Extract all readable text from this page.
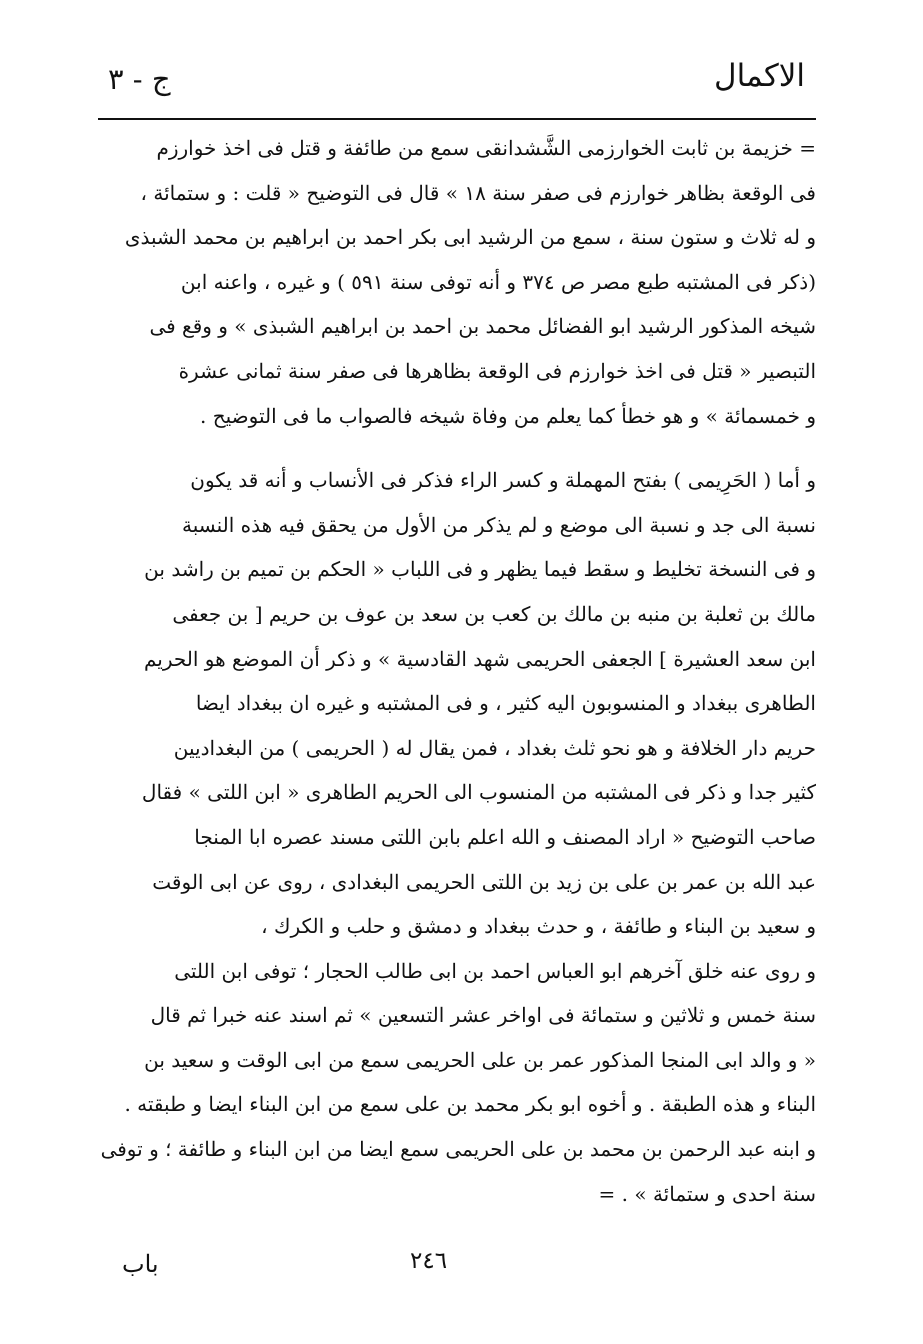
الاكمال
ج - ٣
= خزيمة بن ثابت الخوارزمى الشَّشدانقى سمع من طائفة و قتل فى اخذ خوارزم
فى الوقعة بظاهر خوارزم فى صفر سنة ١٨ » قال فى التوضيح « قلت : و ستمائة ،
و له ثلاث و ستون سنة ، سمع من الرشيد ابى بكر احمد بن ابراهيم بن محمد الشبذى
(ذكر فى المشتبه طبع مصر ص ٣٧٤ و أنه توفى سنة ٥٩١ ) و غيره ، واعنه ابن
شيخه المذكور الرشيد ابو الفضائل محمد بن احمد بن ابراهيم الشبذى » و وقع فى
التبصير « قتل فى اخذ خوارزم فى الوقعة بظاهرها فى صفر سنة ثمانى عشرة
و خمسمائة » و هو خطأ كما يعلم من وفاة شيخه فالصواب ما فى التوضيح .
و أما ( الحَرِيمى ) بفتح المهملة و كسر الراء فذكر فى الأنساب و أنه قد يكون
نسبة الى جد و نسبة الى موضع و لم يذكر من الأول من يحقق فيه هذه النسبة
و فى النسخة تخليط و سقط فيما يظهر و فى اللباب « الحكم بن تميم بن راشد بن
مالك بن ثعلبة بن منبه بن مالك بن كعب بن سعد بن عوف بن حريم [ بن جعفى
ابن سعد العشيرة ] الجعفى الحريمى شهد القادسية » و ذكر أن الموضع هو الحريم
الطاهرى ببغداد و المنسوبون اليه كثير ، و فى المشتبه و غيره ان ببغداد ايضا
حريم دار الخلافة و هو نحو ثلث بغداد ، فمن يقال له ( الحريمى ) من البغداديين
كثير جدا و ذكر فى المشتبه من المنسوب الى الحريم الطاهرى « ابن اللتى » فقال
صاحب التوضيح « اراد المصنف و الله اعلم بابن اللتى مسند عصره ابا المنجا
عبد الله بن عمر بن على بن زيد بن اللتى الحريمى البغدادى ، روى عن ابى الوقت
و سعيد بن البناء و طائفة ، و حدث ببغداد و دمشق و حلب و الكرك ،
و روى عنه خلق آخرهم ابو العباس احمد بن ابى طالب الحجار ؛ توفى ابن اللتى
سنة خمس و ثلاثين و ستمائة فى اواخر عشر التسعين » ثم اسند عنه خبرا ثم قال
« و والد ابى المنجا المذكور عمر بن على الحريمى سمع من ابى الوقت و سعيد بن
البناء و هذه الطبقة . و أخوه ابو بكر محمد بن على سمع من ابن البناء ايضا و طبقته .
و ابنه عبد الرحمن بن محمد بن على الحريمى سمع ايضا من ابن البناء و طائفة ؛ و توفى
سنة احدى و ستمائة » . =
٢٤٦
باب
